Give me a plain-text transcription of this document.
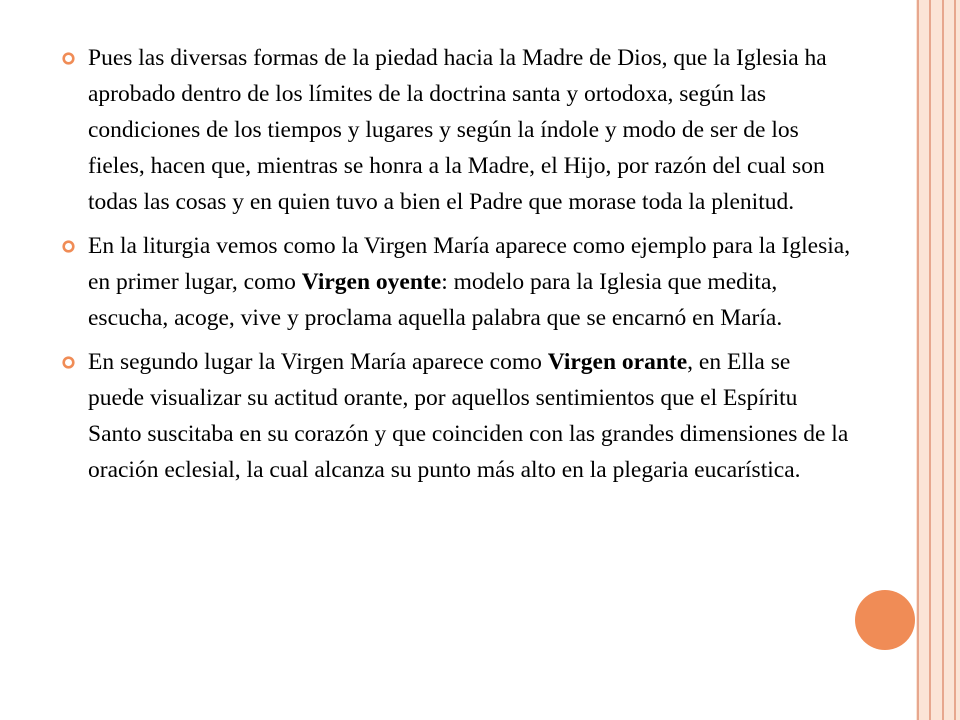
Pues las diversas formas de la piedad hacia la Madre de Dios, que la Iglesia ha aprobado dentro de los límites de la doctrina santa y ortodoxa, según las condiciones de los tiempos y lugares y según la índole y modo de ser de los fieles, hacen que, mientras se honra a la Madre, el Hijo, por razón del cual son todas las cosas y en quien tuvo a bien el Padre que morase toda la plenitud.
En la liturgia vemos como la Virgen María aparece como ejemplo para la Iglesia, en primer lugar, como Virgen oyente: modelo para la Iglesia que medita, escucha, acoge, vive y proclama aquella palabra que se encarnó en María.
En segundo lugar la Virgen María aparece como Virgen orante, en Ella se puede visualizar su actitud orante, por aquellos sentimientos que el Espíritu Santo suscitaba en su corazón y que coinciden con las grandes dimensiones de la oración eclesial, la cual alcanza su punto más alto en la plegaria eucarística.
